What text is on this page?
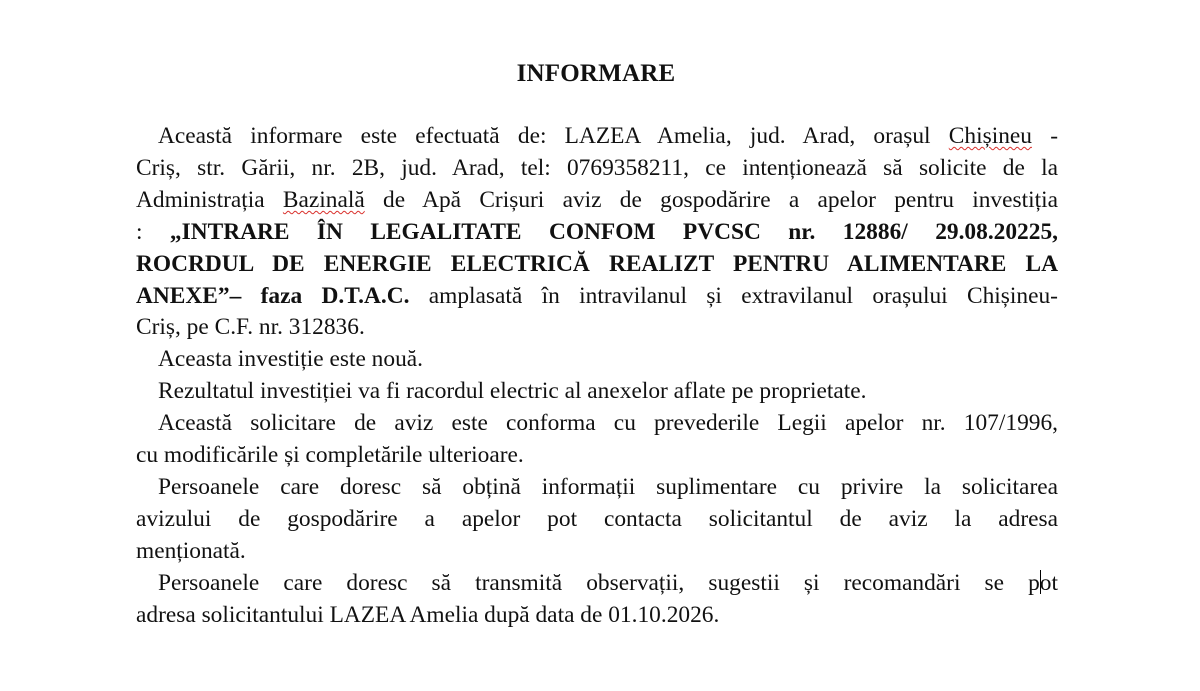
INFORMARE
Această informare este efectuată de: LAZEA Amelia, jud. Arad, orașul Chișineu -
Criș, str. Gării, nr. 2B, jud. Arad, tel: 0769358211, ce intenționează să solicite de la
Administrația Bazinală de Apă Crișuri aviz de gospodărire a apelor pentru investiția
: „INTRARE ÎN LEGALITATE CONFOM PVCSC nr. 12886/ 29.08.20225,
ROCRDUL DE ENERGIE ELECTRICĂ REALIZT PENTRU ALIMENTARE LA
ANEXE”– faza D.T.A.C. amplasată în intravilanul și extravilanul orașului Chișineu-
Criș, pe C.F. nr. 312836.
Aceasta investiție este nouă.
Rezultatul investiției va fi racordul electric al anexelor aflate pe proprietate.
Această solicitare de aviz este conforma cu prevederile Legii apelor nr. 107/1996,
cu modificările și completările ulterioare.
Persoanele care doresc să obțină informații suplimentare cu privire la solicitarea
avizului de gospodărire a apelor pot contacta solicitantul de aviz la adresa
menționată.
Persoanele care doresc să transmită observații, sugestii și recomandări se pot
adresa solicitantului LAZEA Amelia după data de 01.10.2026.
